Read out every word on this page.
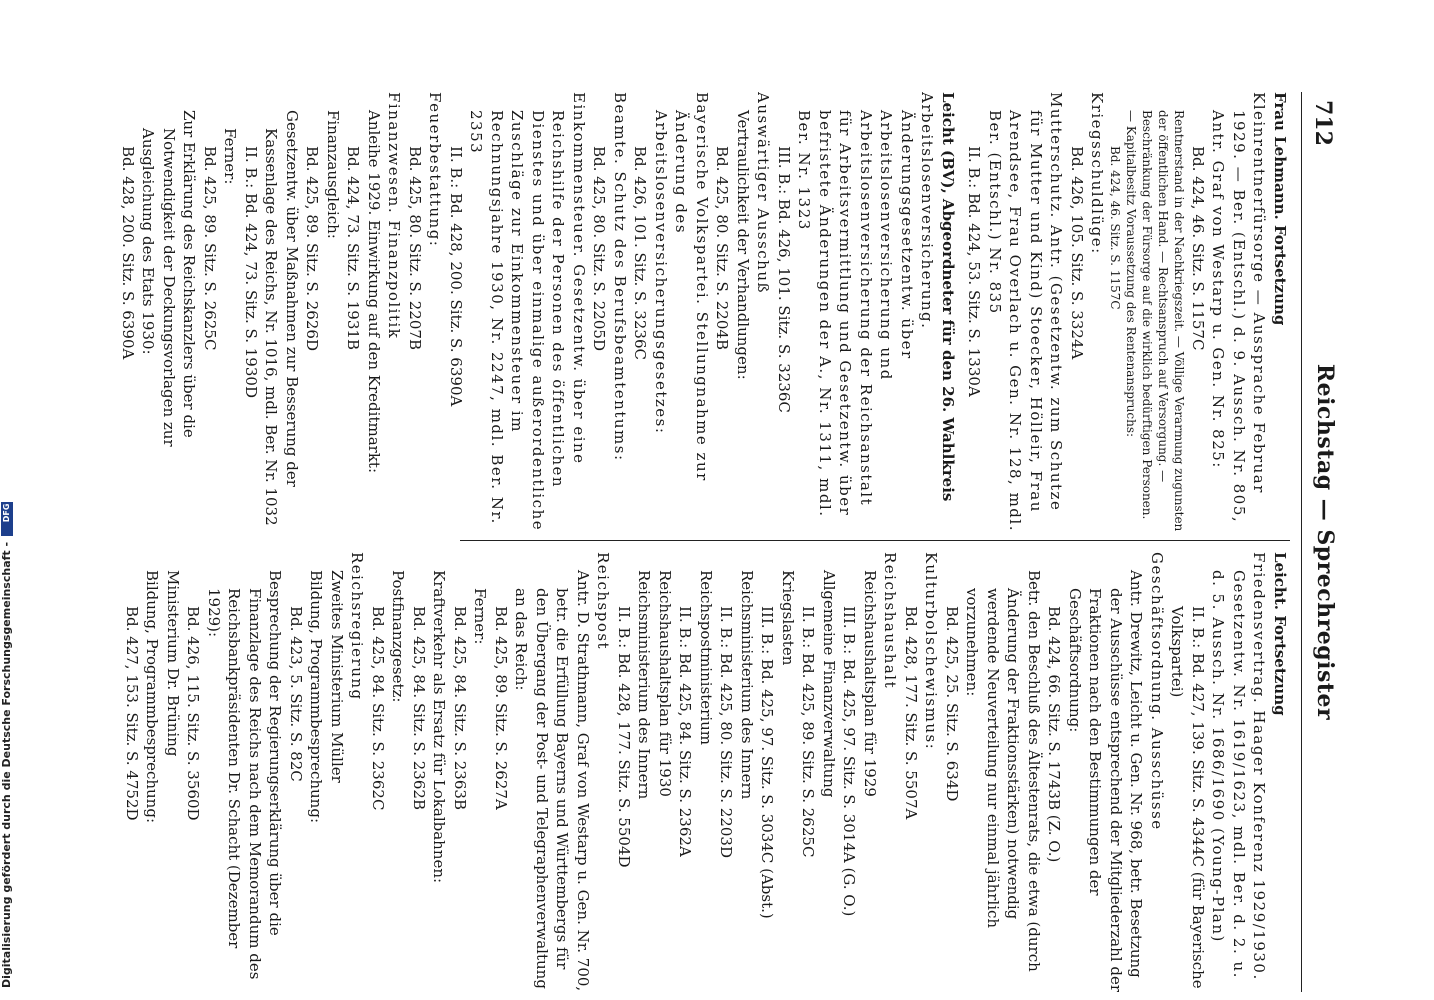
712
Reichstag — Sprechregister

Frau Lehmann. Fortsetzung

Kleinrentnerfürsorge — Aussprache Februar 1929. — Ber. (Entschl.) d. 9. Aussch. Nr. 805, Antr. Graf von Westarp u. Gen. Nr. 825:

Bd. 424, 46. Sitz. S. 1157C

Rentnerstand in der Nachkriegszeit. — Völlige Verarmung zugunsten der öffentlichen Hand. — Rechtsanspruch auf Versorgung. — Beschränkung der Fürsorge auf die wirklich bedürftigen Personen. — Kapitalbesitz Voraussetzung des Rentenanspruchs:

Bd. 424, 46. Sitz. S. 1157C

Kriegsschuldlüge:

Bd. 426, 105. Sitz. S. 3324A

Mutterschutz. Antr. (Gesetzentw. zum Schutze für Mutter und Kind) Stoecker, Hölleir, Frau Arendsee, Frau Overlach u. Gen. Nr. 128, mdl. Ber. (Entschl.) Nr. 835

II. B.: Bd. 424, 53. Sitz. S. 1330A

Leicht (BV), Abgeordneter für den 26. Wahlkreis

Arbeitslosenversicherung. Änderungsgesetzentw. über Arbeitslosenversicherung und Arbeitslosenversicherung der Reichsanstalt für Arbeitsvermittlung und Gesetzentw. über befristete Änderungen der A., Nr. 1311, mdl. Ber. Nr. 1323

III. B.: Bd. 426, 101. Sitz. S. 3236C

Auswärtiger Ausschuß

Vertraulichkeit der Verhandlungen:

Bd. 425, 80. Sitz. S. 2204B

Bayerische Volkspartei. Stellungnahme zur Änderung des Arbeitslosenversicherungsgesetzes:

Bd. 426, 101. Sitz. S. 3236C

Beamte. Schutz des Berufsbeamtentums:

Bd. 425, 80. Sitz. S. 2205D

Einkommensteuer. Gesetzentw. über eine Reichshilfe der Personen des öffentlichen Dienstes und über einmalige außerordentliche Zuschläge zur Einkommensteuer im Rechnungsjahre 1930, Nr. 2247, mdl. Ber. Nr. 2353

II. B.: Bd. 428, 200. Sitz. S. 6390A

Feuerbestattung:

Bd. 425, 80. Sitz. S. 2207B

Finanzwesen. Finanzpolitik

Anleihe 1929. Einwirkung auf den Kreditmarkt:

Bd. 424, 73. Sitz. S. 1931B

Finanzausgleich:

Bd. 425, 89. Sitz. S. 2626D

Gesetzentw. über Maßnahmen zur Besserung der Kassenlage des Reichs, Nr. 1016, mdl. Ber. Nr. 1032

II. B.: Bd. 424, 73. Sitz. S. 1930D

Ferner:

Bd. 425, 89. Sitz. S. 2625C

Zur Erklärung des Reichskanzlers über die Notwendigkeit der Deckungsvorlagen zur Ausgleichung des Etats 1930:

Bd. 428, 200. Sitz. S. 6390A

Leicht. Fortsetzung

Friedensvertrag. Haager Konferenz 1929/1930. Gesetzentw. Nr. 1619/1623, mdl. Ber. d. 2. u. d. 5. Aussch. Nr. 1686/1690 (Young-Plan)

II. B.: Bd. 427, 139. Sitz. S. 4344C (für Bayerische Volkspartei)

Geschäftsordnung. Ausschüsse

Antr. Drewitz, Leicht u. Gen. Nr. 968, betr. Besetzung der Ausschüsse entsprechend der Mitgliederzahl der Fraktionen nach den Bestimmungen der Geschäftsordnung:

Bd. 424, 66. Sitz. S. 1743B (Z. O.)

Betr. den Beschluß des Ältestenrats, die etwa (durch Änderung der Fraktionsstärken) notwendig werdende Neuverteilung nur einmal jährlich vorzunehmen:

Bd. 425, 25. Sitz. S. 634D

Kulturbolschewismus:

Bd. 428, 177. Sitz. S. 5507A

Reichshaushalt

Reichshaushaltsplan für 1929

III. B.: Bd. 425, 97. Sitz. S. 3014A (G. O.)

Allgemeine Finanzverwaltung

II. B.: Bd. 425, 89. Sitz. S. 2625C

Kriegslasten

III. B.: Bd. 425, 97. Sitz. S. 3034C (Abst.)

Reichsministerium des Innern

II. B.: Bd. 425, 80. Sitz. S. 2203D

Reichspostministerium

II. B.: Bd. 425, 84. Sitz. S. 2362A

Reichshaushaltsplan für 1930

Reichsministerium des Innern

II. B.: Bd. 428, 177. Sitz. S. 5504D

Reichspost

Antr. D. Strathmann, Graf von Westarp u. Gen. Nr. 700, betr. die Erfüllung Bayerns und Württembergs für den Übergang der Post- und Telegraphenverwaltung an das Reich:

Bd. 425, 89. Sitz. S. 2627A

Ferner:

Bd. 425, 84. Sitz. S. 2363B

Kraftverkehr als Ersatz für Lokalbahnen:

Bd. 425, 84. Sitz. S. 2362B

Postfinanzgesetz:

Bd. 425, 84. Sitz. S. 2362C

Reichsregierung

Zweites Ministerium Müller

Bildung, Programmbesprechung:

Bd. 423, 5. Sitz. S. 82C

Besprechung der Regierungserklärung über die Finanzlage des Reichs nach dem Memorandum des Reichsbankpräsidenten Dr. Schacht (Dezember 1929):

Bd. 426, 115. Sitz. S. 3560D

Ministerium Dr. Brüning

Bildung, Programmbesprechung:

Bd. 427, 153. Sitz. S. 4752D

Digitalisierung gefördert durch die Deutsche Forschungsgemeinschaft -DFG
